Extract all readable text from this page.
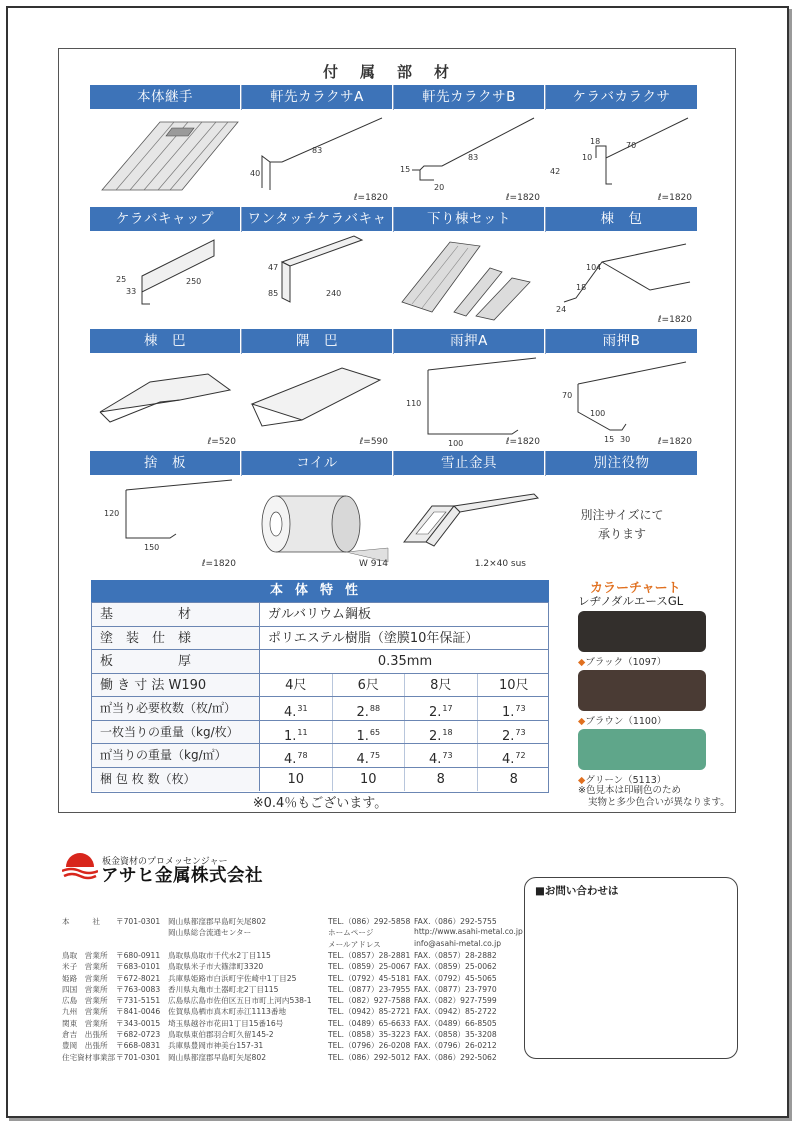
付属部材
本体継手	軒先カラクサA
40
83
ℓ=1820
軒先カラクサB
15
20
83
ℓ=1820
ケラバカラクサ
42
10
18	70
ℓ=1820
ケラバキャップ
25
33
250
ワンタッチケラバキャ
47
85	240
下り棟セット	棟　包
104
18
24
ℓ=1820
棟　巴
ℓ=520
隅　巴
ℓ=590
雨押A
110
100	ℓ=1820
雨押B
70
100
15 30	ℓ=1820
捨　板
120
150
ℓ=1820
コイル
W 914
雪止金具
1.2×40 sus
別注役物
別注サイズにて
承ります
本体特性
基　　　　　材	ガルバリウム鋼板
塗　装　仕　様	ポリエステル樹脂（塗膜10年保証）
板　　　　　厚	0.35mm
働 き 寸 法 W190	4尺	6尺	8尺	10尺
㎡当り必要枚数（枚/㎡）	4.31	2.88	2.17	1.73
一枚当りの重量（kg/枚）	1.11	1.65	2.18	2.73
㎡当りの重量（kg/㎡）	4.78	4.75	4.73	4.72
梱 包 枚 数（枚）	10	10	8	8
※0.4％もございます。
カラーチャート
レヂノダルエースGL
◆ブラック（1097）
◆ブラウン（1100）
◆グリーン（5113）
※色見本は印刷色のため
実物と多少色合いが異なります。
板金資材のプロメッセンジャー
アサヒ金属株式会社
本　　　社 〒701-0301 岡山県都窪郡早島町矢尾802	TEL.（086）292-5858 FAX.（086）292-5755
岡山県総合流通センター	ホームページ	http://www.asahi-metal.co.jp
メールアドレス	info@asahi-metal.co.jp
鳥取　営業所 〒680-0911 鳥取県鳥取市千代水2丁目115	TEL.（0857）28-2881 FAX.（0857）28-2882
米子　営業所 〒683-0101 鳥取県米子市大篠津町3320	TEL.（0859）25-0067 FAX.（0859）25-0062
姫路　営業所 〒672-8021 兵庫県姫路市白浜町宇佐崎中1丁目25	TEL.（0792）45-5181 FAX.（0792）45-5065
四国　営業所 〒763-0083 香川県丸亀市土器町北2丁目115	TEL.（0877）23-7955 FAX.（0877）23-7970
広島　営業所 〒731-5151 広島県広島市佐伯区五日市町上河内538-1 TEL.（082）927-7588 FAX.（082）927-7599
九州　営業所 〒841-0046 佐賀県鳥栖市真木町赤江1113番地	TEL.（0942）85-2721 FAX.（0942）85-2722
関東　営業所 〒343-0015 埼玉県越谷市花田1丁目15番16号	TEL.（0489）65-6633 FAX.（0489）66-8505
倉吉　出張所 〒682-0723 鳥取県東伯郡羽合町久留145-2	TEL.（0858）35-3223 FAX.（0858）35-3208
豊岡　出張所 〒668-0831 兵庫県豊岡市神美台157-31	TEL.（0796）26-0208 FAX.（0796）26-0212
住宅資材事業部 〒701-0301 岡山県都窪郡早島町矢尾802	TEL.（086）292-5012 FAX.（086）292-5062
■お問い合わせは
